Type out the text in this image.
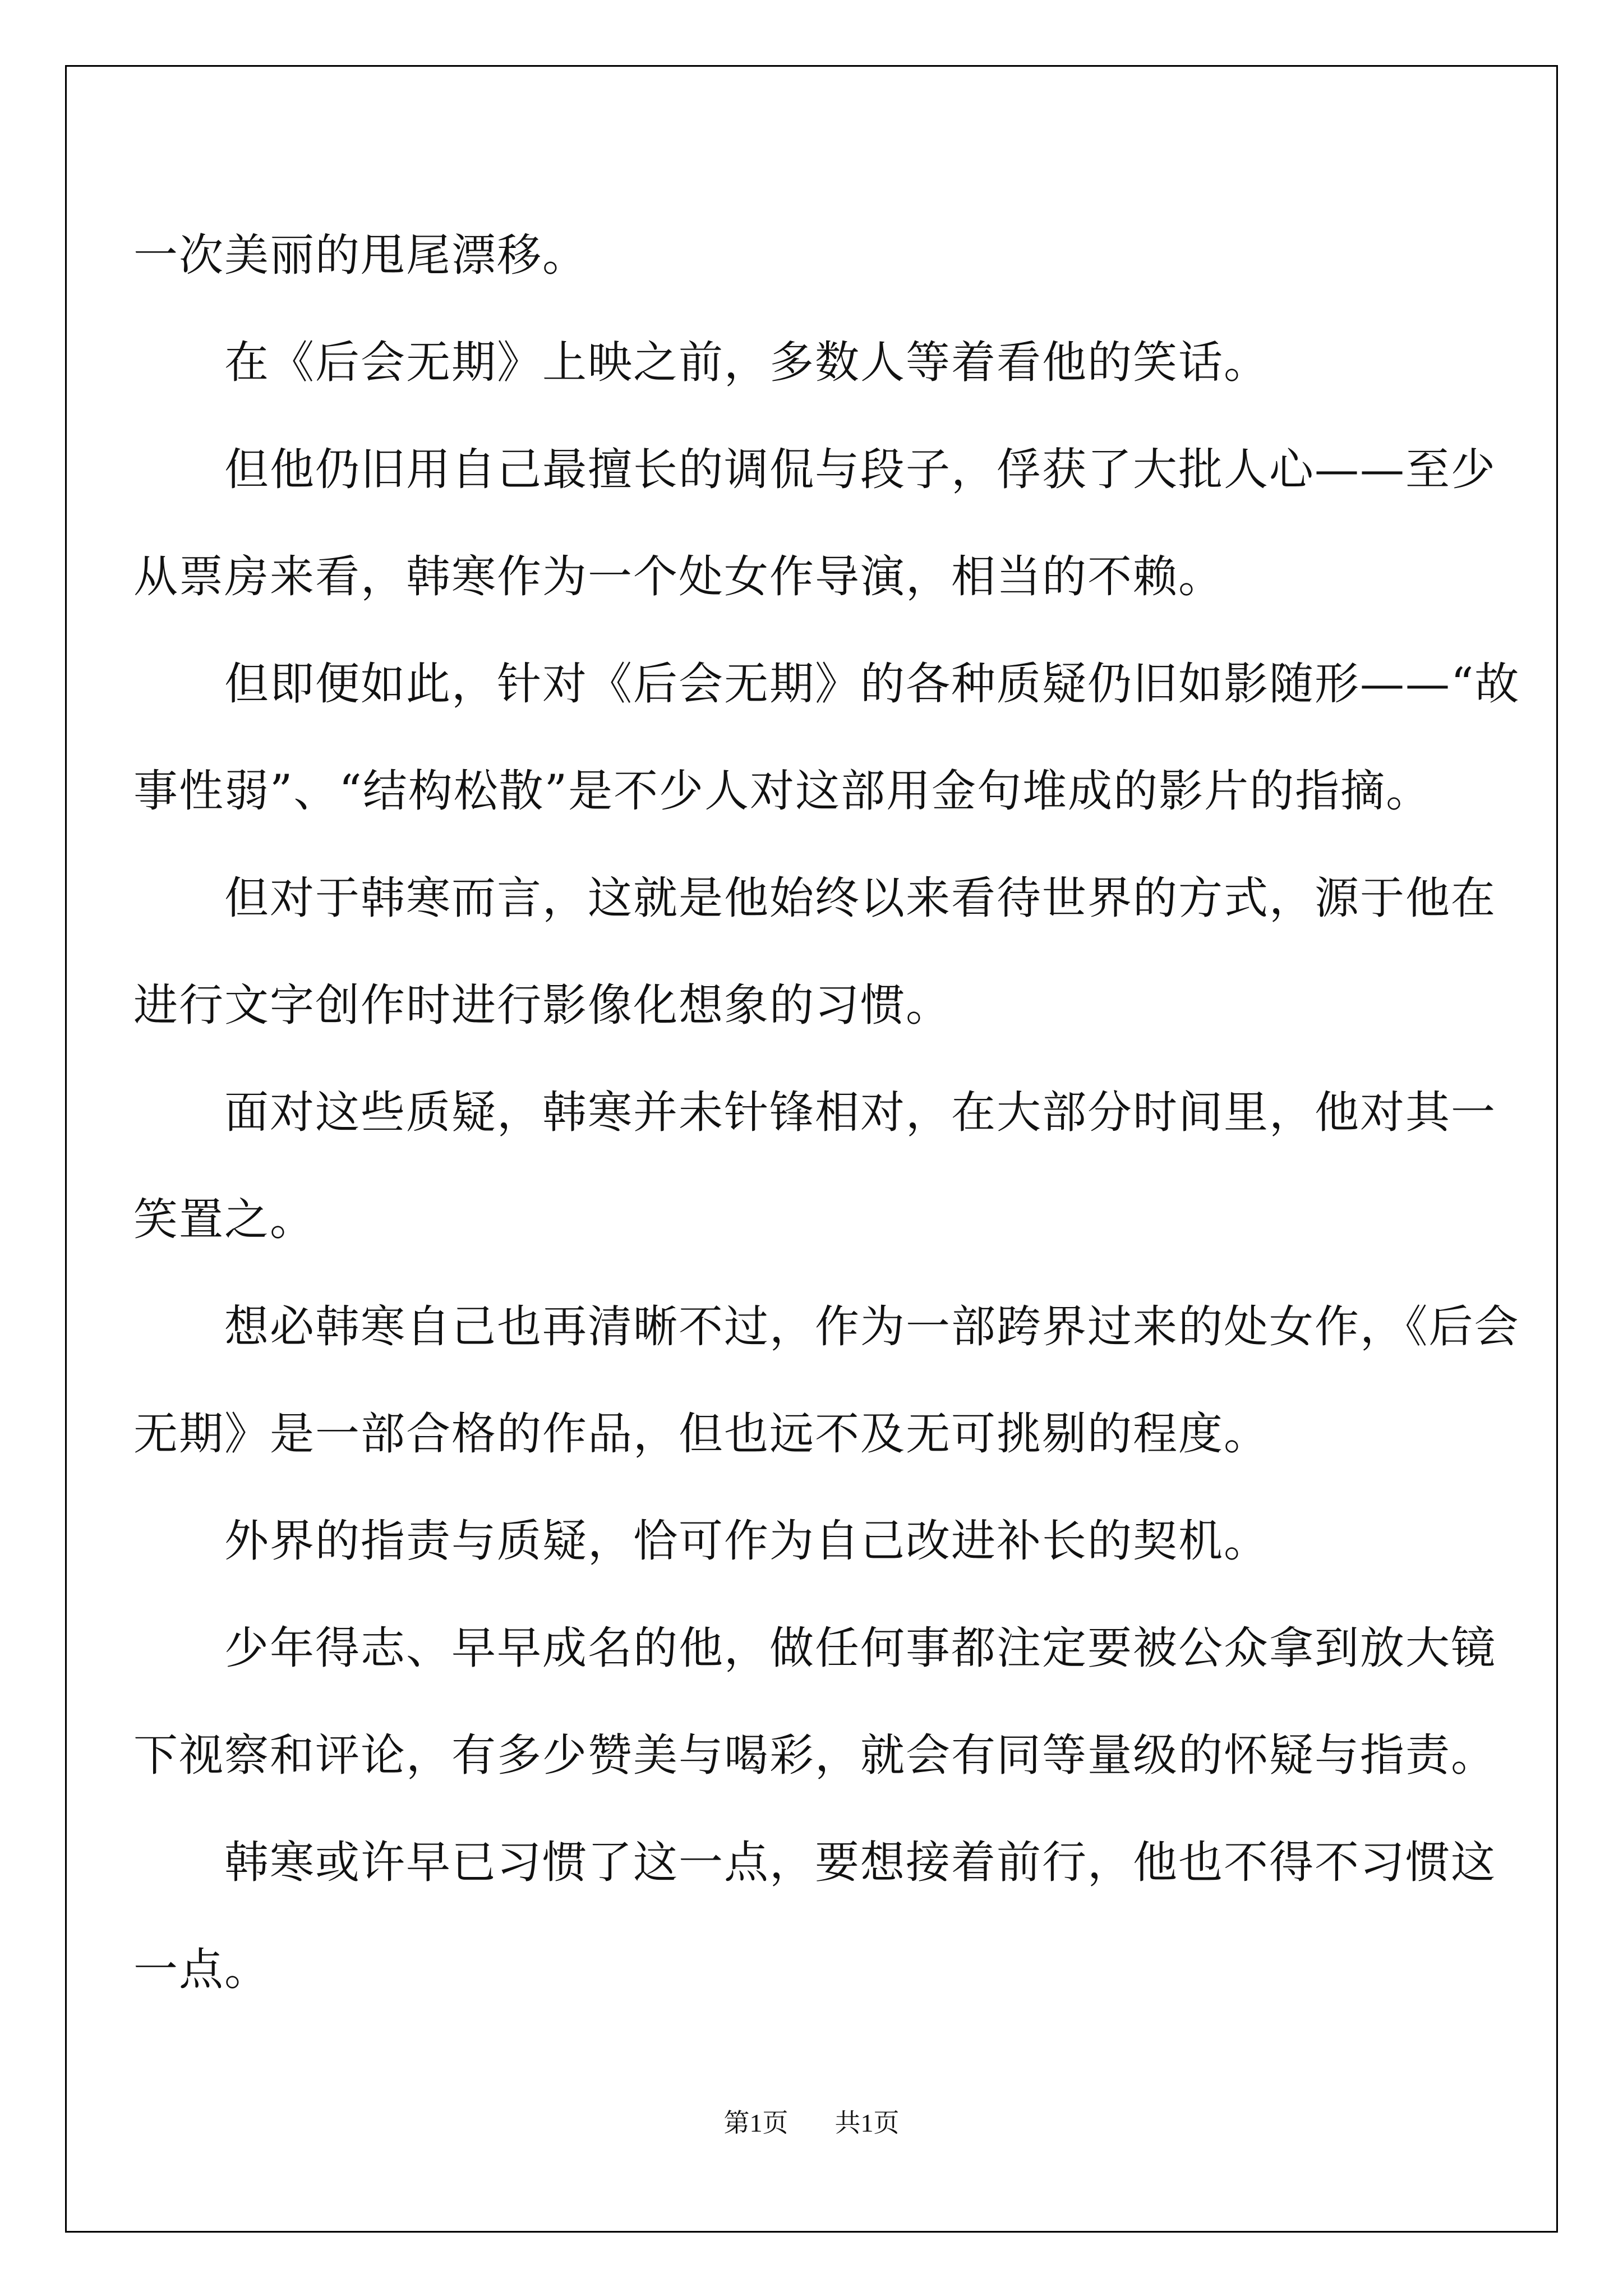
一次美丽的甩尾漂移。
　　在《后会无期》上映之前，多数人等着看他的笑话。
　　但他仍旧用自己最擅长的调侃与段子，俘获了大批人心——至少
从票房来看，韩寒作为一个处女作导演，相当的不赖。
　　但即便如此，针对《后会无期》的各种质疑仍旧如影随形——“故
事性弱”、“结构松散”是不少人对这部用金句堆成的影片的指摘。
　　但对于韩寒而言，这就是他始终以来看待世界的方式，源于他在
进行文字创作时进行影像化想象的习惯。
　　面对这些质疑，韩寒并未针锋相对，在大部分时间里，他对其一
笑置之。
　　想必韩寒自己也再清晰不过，作为一部跨界过来的处女作，《后会
无期》是一部合格的作品，但也远不及无可挑剔的程度。
　　外界的指责与质疑，恰可作为自己改进补长的契机。
　　少年得志、早早成名的他，做任何事都注定要被公众拿到放大镜
下视察和评论，有多少赞美与喝彩，就会有同等量级的怀疑与指责。
　　韩寒或许早已习惯了这一点，要想接着前行，他也不得不习惯这
一点。
第1页 共1页
